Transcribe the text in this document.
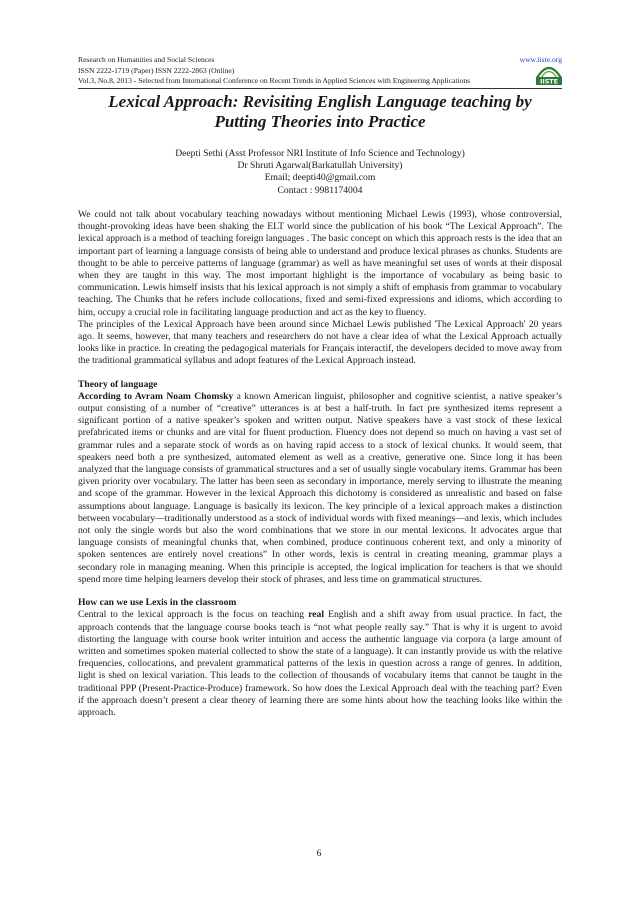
Research on Humanities and Social Sciences	www.iiste.org
ISSN 2222-1719 (Paper) ISSN 2222-2863 (Online)
Vol.3, No.8, 2013 - Selected from International Conference on Recent Trends in Applied Sciences with Engineering Applications	IISTE
Lexical Approach: Revisiting English Language teaching by
Putting Theories into Practice
Deepti Sethi (Asst Professor NRI Institute of Info Science and Technology)
Dr Shruti Agarwal(Barkatullah University)
Email; deepti40@gmail.com
Contact : 9981174004

We could not talk about vocabulary teaching nowadays without mentioning Michael Lewis (1993), whose controversial, thought-provoking ideas have been shaking the ELT world since the publication of his book “The Lexical Approach”. The lexical approach is a method of teaching foreign languages . The basic concept on which this approach rests is the idea that an important part of learning a language consists of being able to understand and produce lexical phrases as chunks. Students are thought to be able to perceive patterns of language (grammar) as well as have meaningful set uses of words at their disposal when they are taught in this way. The most important highlight is the importance of vocabulary as being basic to communication. Lewis himself insists that his lexical approach is not simply a shift of emphasis from grammar to vocabulary teaching. The Chunks that he refers include collocations, fixed and semi-fixed expressions and idioms, which according to him, occupy a crucial role in facilitating language production and act as the key to fluency.

The principles of the Lexical Approach have been around since Michael Lewis published 'The Lexical Approach' 20 years ago. It seems, however, that many teachers and researchers do not have a clear idea of what the Lexical Approach actually looks like in practice. In creating the pedagogical materials for Français interactif, the developers decided to move away from the traditional grammatical syllabus and adopt features of the Lexical Approach instead.

Theory of language

According to Avram Noam Chomsky a known American linguist, philosopher and cognitive scientist, a native speaker’s output consisting of a number of “creative” utterances is at best a half-truth. In fact pre synthesized items represent a significant portion of a native speaker’s spoken and written output. Native speakers have a vast stock of these lexical prefabricated items or chunks and are vital for fluent production. Fluency does not depend so much on having a vast set of grammar rules and a separate stock of words as on having rapid access to a stock of lexical chunks. It would seem, that speakers need both a pre synthesized, automated element as well as a creative, generative one. Since long it has been analyzed that the language consists of grammatical structures and a set of usually single vocabulary items. Grammar has been given priority over vocabulary. The latter has been seen as secondary in importance, merely serving to illustrate the meaning and scope of the grammar. However in the lexical Approach this dichotomy is considered as unrealistic and based on false assumptions about language. Language is basically its lexicon. The key principle of a lexical approach makes a distinction between vocabulary—traditionally understood as a stock of individual words with fixed meanings—and lexis, which includes not only the single words but also the word combinations that we store in our mental lexicons. It advocates argue that language consists of meaningful chunks that, when combined, produce continuous coherent text, and only a minority of spoken sentences are entirely novel creations” In other words, lexis is central in creating meaning, grammar plays a secondary role in managing meaning. When this principle is accepted, the logical implication for teachers is that we should spend more time helping learners develop their stock of phrases, and less time on grammatical structures.

How can we use Lexis in the classroom

Central to the lexical approach is the focus on teaching real English and a shift away from usual practice. In fact, the approach contends that the language course books teach is “not what people really say.” That is why it is urgent to avoid distorting the language with course book writer intuition and access the authentic language via corpora (a large amount of written and sometimes spoken material collected to show the state of a language). It can instantly provide us with the relative frequencies, collocations, and prevalent grammatical patterns of the lexis in question across a range of genres. In addition, light is shed on lexical variation. This leads to the collection of thousands of vocabulary items that cannot be taught in the traditional PPP (Present-Practice-Produce) framework. So how does the Lexical Approach deal with the teaching part? Even if the approach doesn’t present a clear theory of learning there are some hints about how the teaching looks like within the approach.

6
